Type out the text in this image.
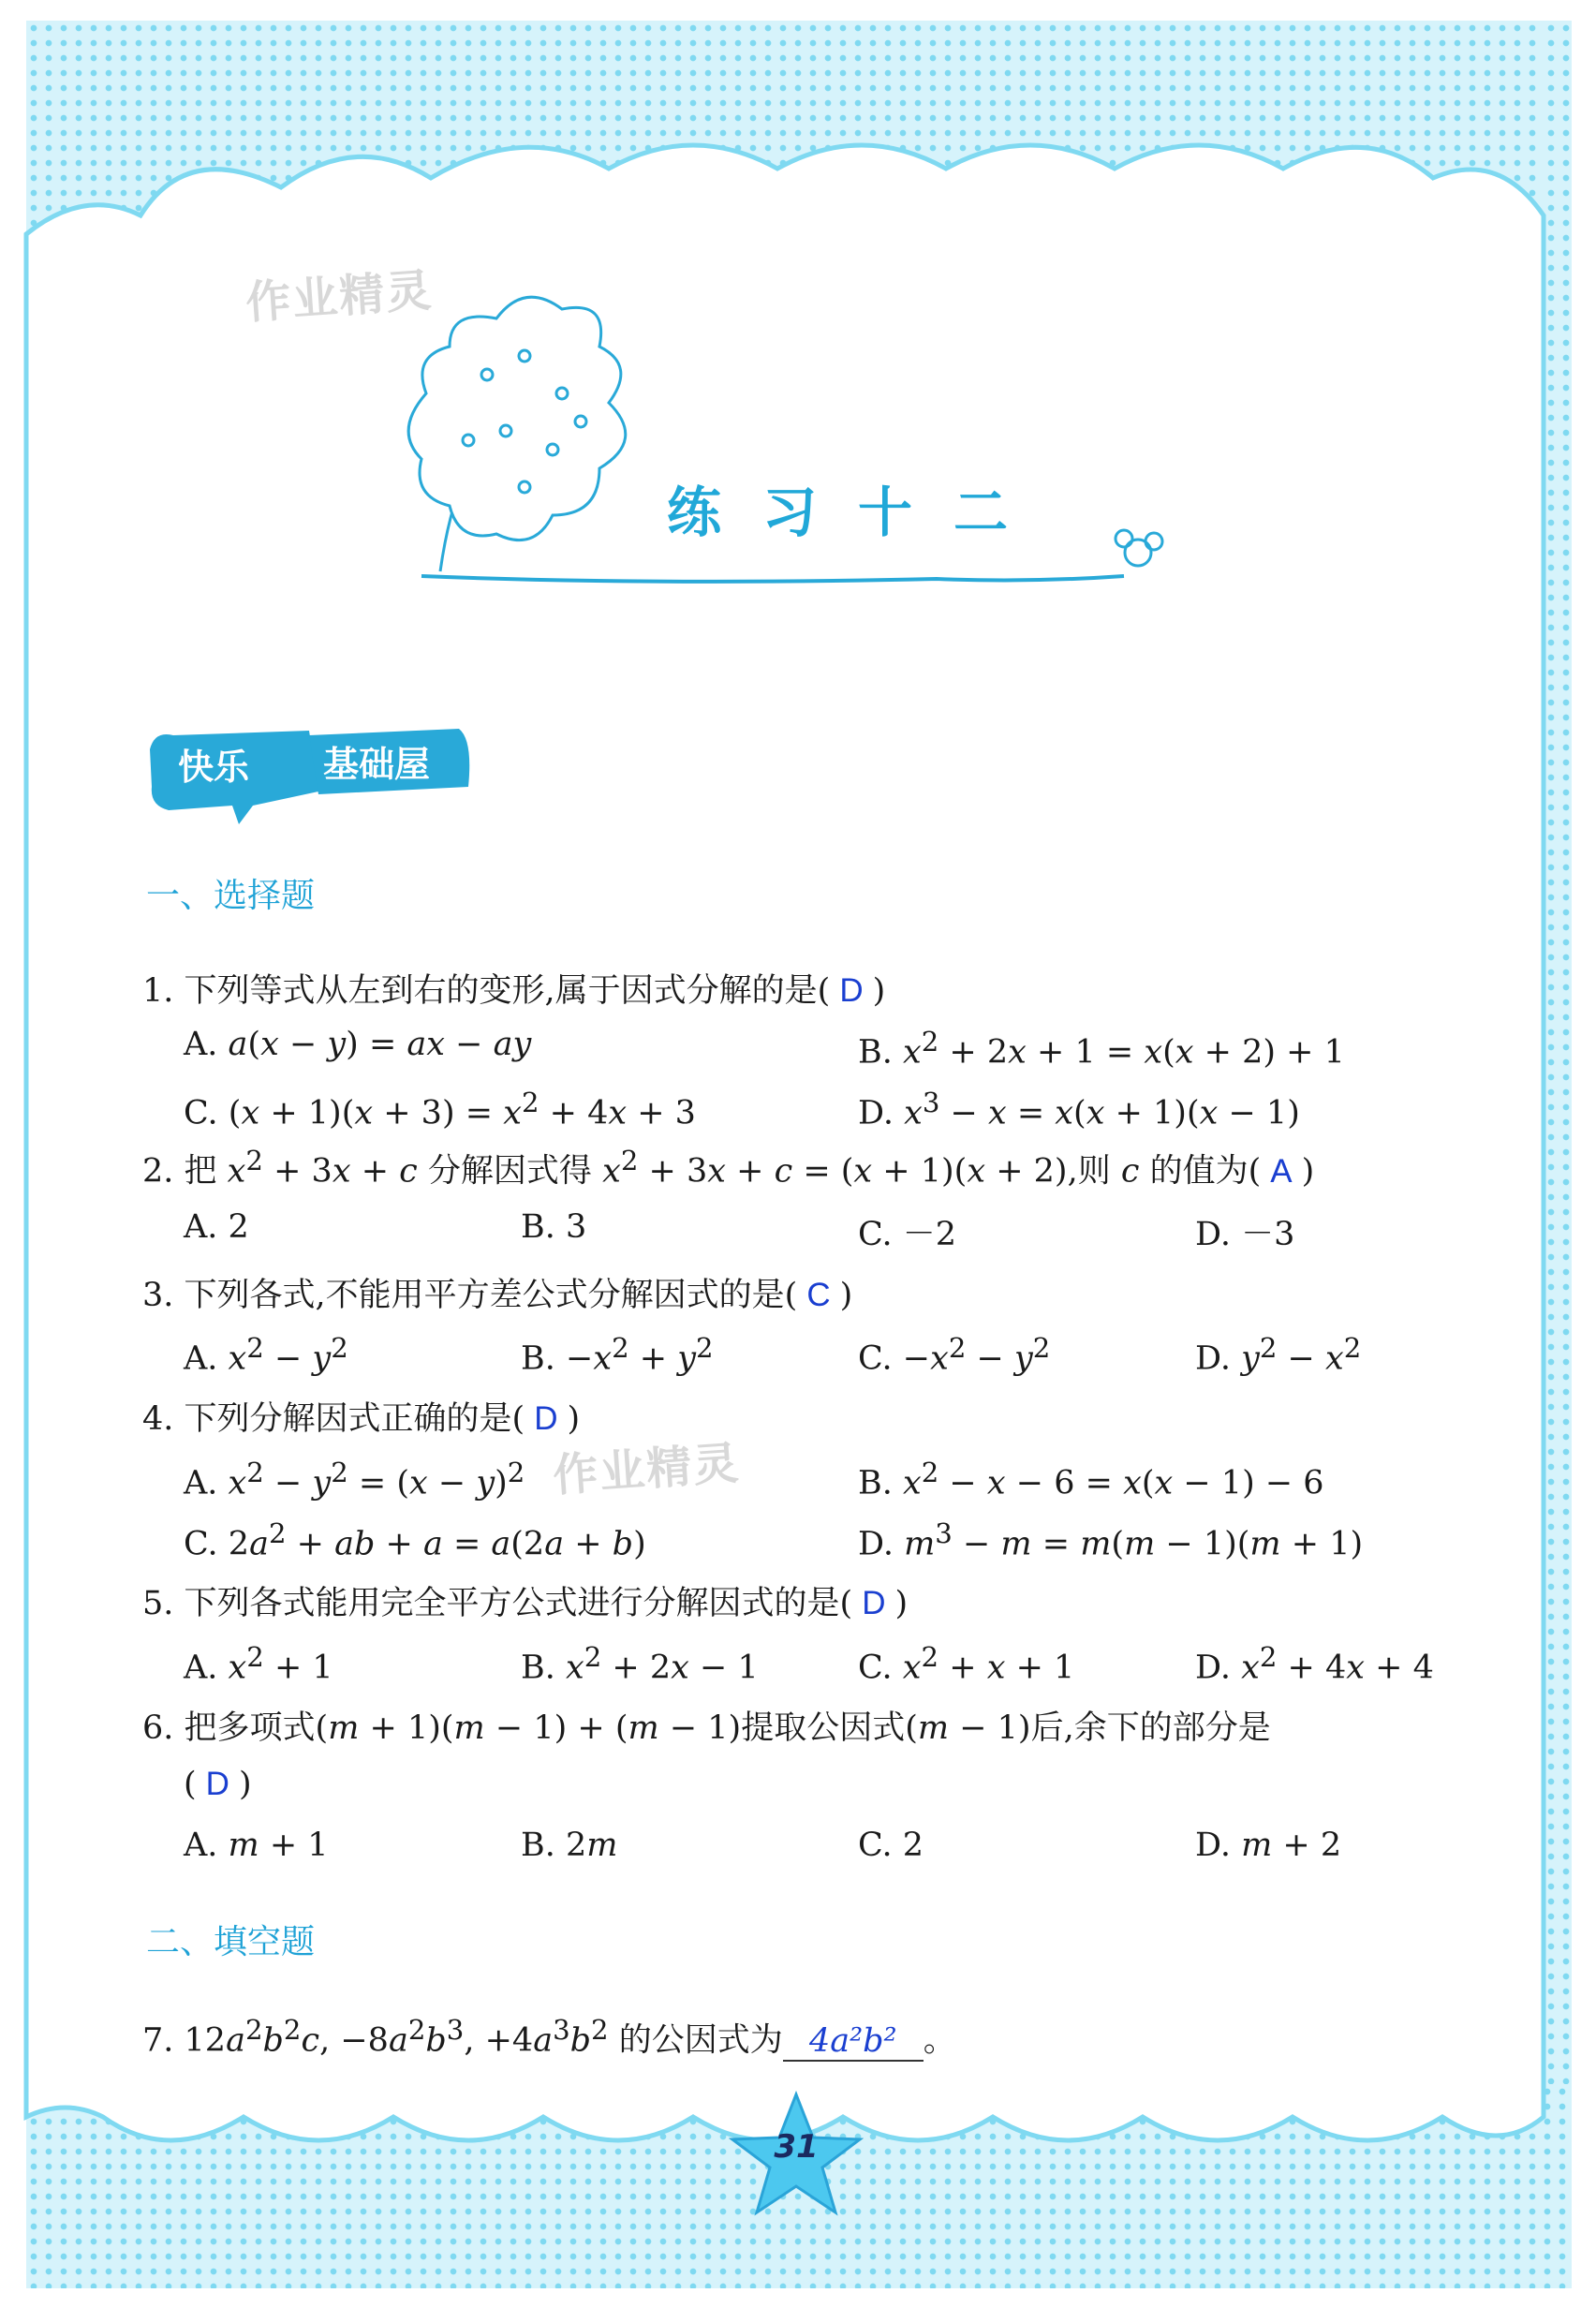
作业精灵
作业精灵
练习十二
快乐 基础屋
一、选择题
1. 下列等式从左到右的变形,属于因式分解的是( D )
A. a(x − y) = ax − ay	B. $x^2 + 2x + 1 = x(x + 2) + 1$
C. $(x + 1)(x + 3) = x^2 + 4x + 3$	D. $x^3 - x = x(x + 1)(x - 1)$
2. 把 $x^2 + 3x + c$ 分解因式得 $x^2 + 3x + c = (x + 1)(x + 2)$,则 c 的值为( A )
A. 2	B. 3	C. －2	D. －3
3. 下列各式,不能用平方差公式分解因式的是( C )
A. $x^2 - y^2$	B. $-x^2 + y^2$	C. $-x^2 - y^2$	D. $y^2 - x^2$
4. 下列分解因式正确的是( D )
A. $x^2 - y^2 = (x - y)^2$	B. $x^2 - x - 6 = x(x - 1) - 6$
C. $2a^2$ + ab + a = a(2a + b)	D. $m^3 - m = m(m - 1)(m + 1)$
5. 下列各式能用完全平方公式进行分解因式的是( D )
A. $x^2 + 1$	B. $x^2 + 2x - 1$	C. $x^2 + x + 1$	D. $x^2 + 4x + 4$
6. 把多项式(m + 1)(m − 1) + (m − 1)提取公因式(m − 1)后,余下的部分是
( D )
A. m + 1	B. 2m	C. 2	D. m + 2
二、填空题
7. $12a^2b^2c$, $-8a^2b^3$, $+4a^3b^2$ 的公因式为 4a²b² 。
31
